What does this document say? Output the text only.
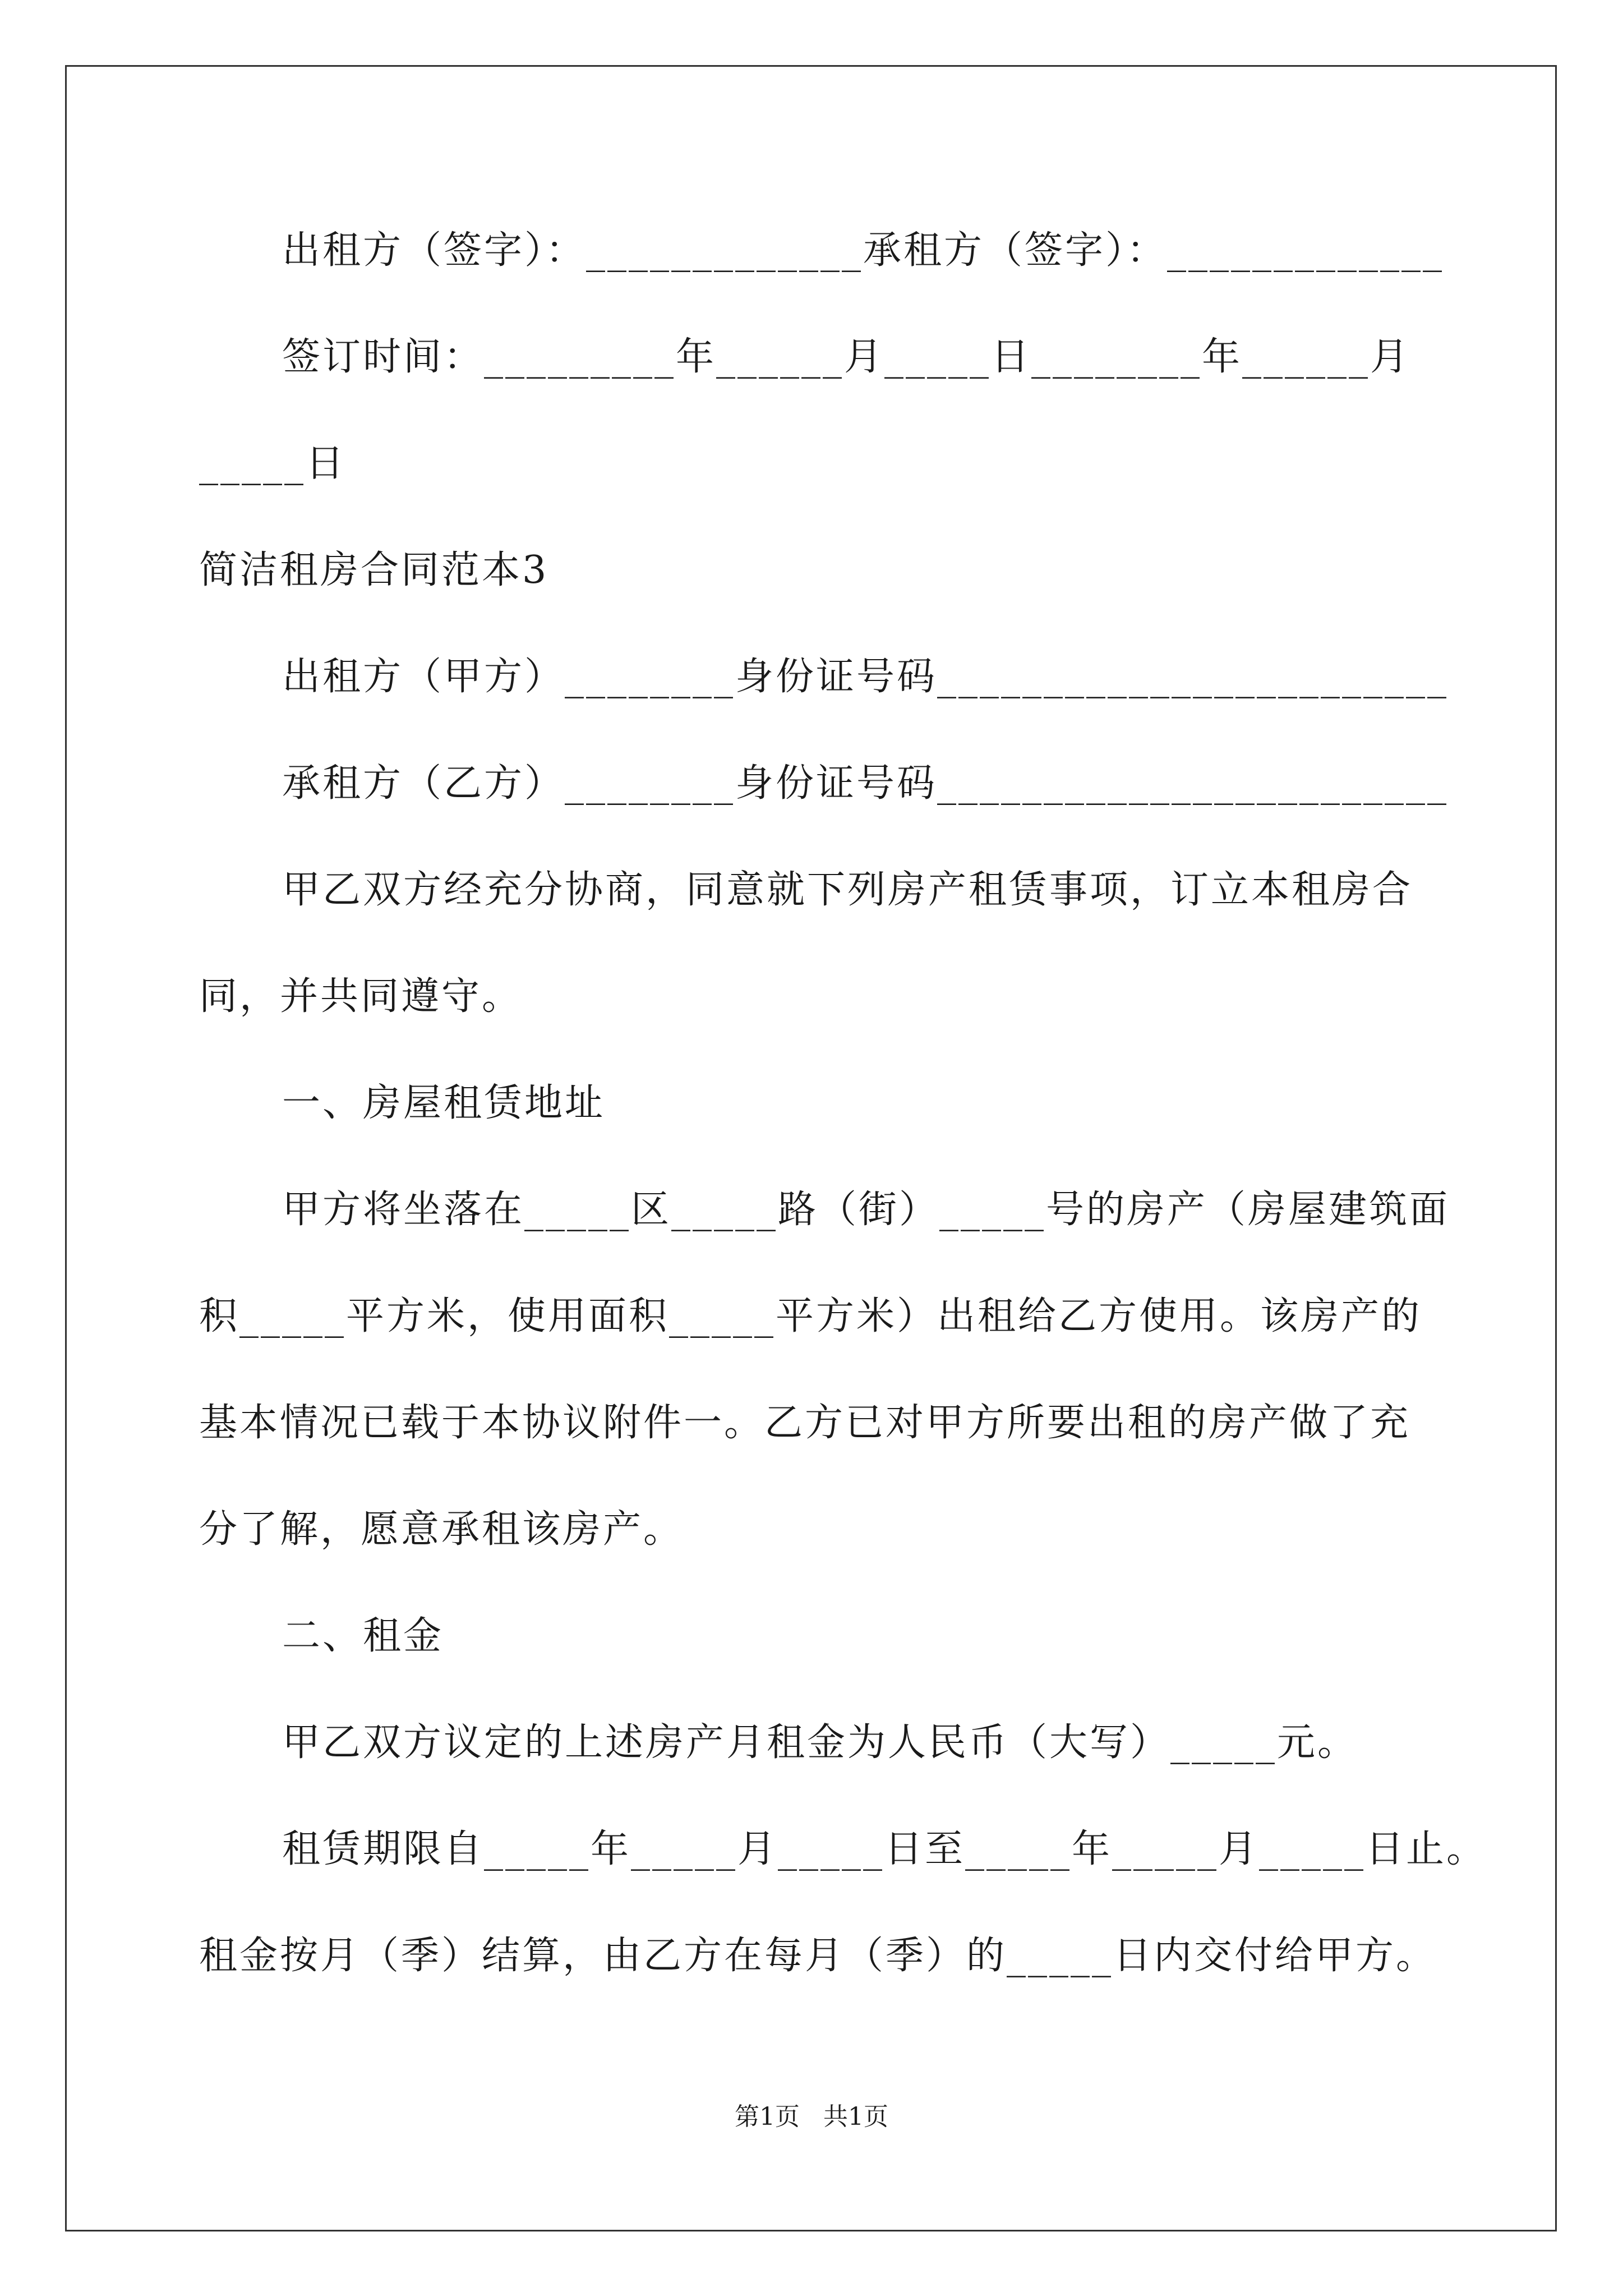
出租方（签字）：_____________承租方（签字）：_____________
签订时间：_________年______月_____日________年______月
_____日
简洁租房合同范本3
出租方（甲方）________身份证号码________________________
承租方（乙方）________身份证号码________________________
甲乙双方经充分协商，同意就下列房产租赁事项，订立本租房合
同，并共同遵守。
一、房屋租赁地址
甲方将坐落在_____区_____路（街）_____号的房产（房屋建筑面
积_____平方米，使用面积_____平方米）出租给乙方使用。该房产的
基本情况已载于本协议附件一。乙方已对甲方所要出租的房产做了充
分了解，愿意承租该房产。
二、租金
甲乙双方议定的上述房产月租金为人民币（大写）_____元。
租赁期限自_____年_____月_____日至_____年_____月_____日止。
租金按月（季）结算，由乙方在每月（季）的_____日内交付给甲方。
第1页   共1页
